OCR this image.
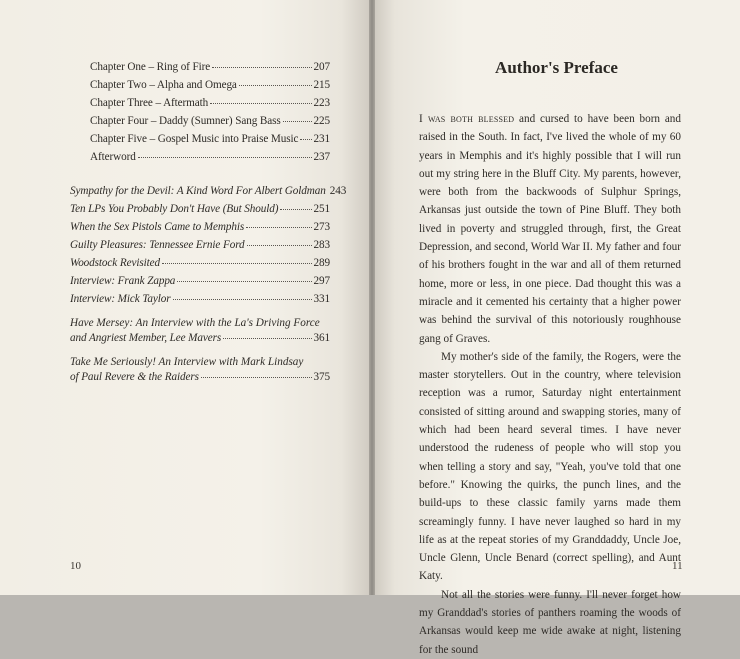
Chapter One – Ring of Fire	207
Chapter Two – Alpha and Omega	215
Chapter Three – Aftermath	223
Chapter Four – Daddy (Sumner) Sang Bass	225
Chapter Five – Gospel Music into Praise Music 231
Afterword	237
Sympathy for the Devil: A Kind Word For Albert Goldman 243
Ten LPs You Probably Don't Have (But Should)	251
When the Sex Pistols Came to Memphis	273
Guilty Pleasures: Tennessee Ernie Ford	283
Woodstock Revisited	289
Interview: Frank Zappa	297
Interview: Mick Taylor	331
Have Mersey: An Interview with the La's Driving Force
and Angriest Member, Lee Mavers	361
Take Me Seriously! An Interview with Mark Lindsay
of Paul Revere & the Raiders	375
10
Author's Preface

I was both blessed and cursed to have been born and raised in the South. In fact, I've lived the whole of my 60 years in Memphis and it's highly possible that I will run out my string here in the Bluff City. My parents, however, were both from the backwoods of Sulphur Springs, Arkansas just outside the town of Pine Bluff. They both lived in poverty and struggled through, first, the Great Depression, and second, World War II. My father and four of his brothers fought in the war and all of them returned home, more or less, in one piece. Dad thought this was a miracle and it cemented his certainty that a higher power was behind the survival of this notoriously roughhouse gang of Graves.

My mother's side of the family, the Rogers, were the master storytellers. Out in the country, where television reception was a rumor, Saturday night entertainment consisted of sitting around and swapping stories, many of which had been heard several times. I have never understood the rudeness of people who will stop you when telling a story and say, "Yeah, you've told that one before." Knowing the quirks, the punch lines, and the build-ups to these classic family yarns made them screamingly funny. I have never laughed so hard in my life as at the repeat stories of my Granddaddy, Uncle Joe, Uncle Glenn, Uncle Benard (correct spelling), and Aunt Katy.

Not all the stories were funny. I'll never forget how my Granddad's stories of panthers roaming the woods of Arkansas would keep me wide awake at night, listening for the sound

11
